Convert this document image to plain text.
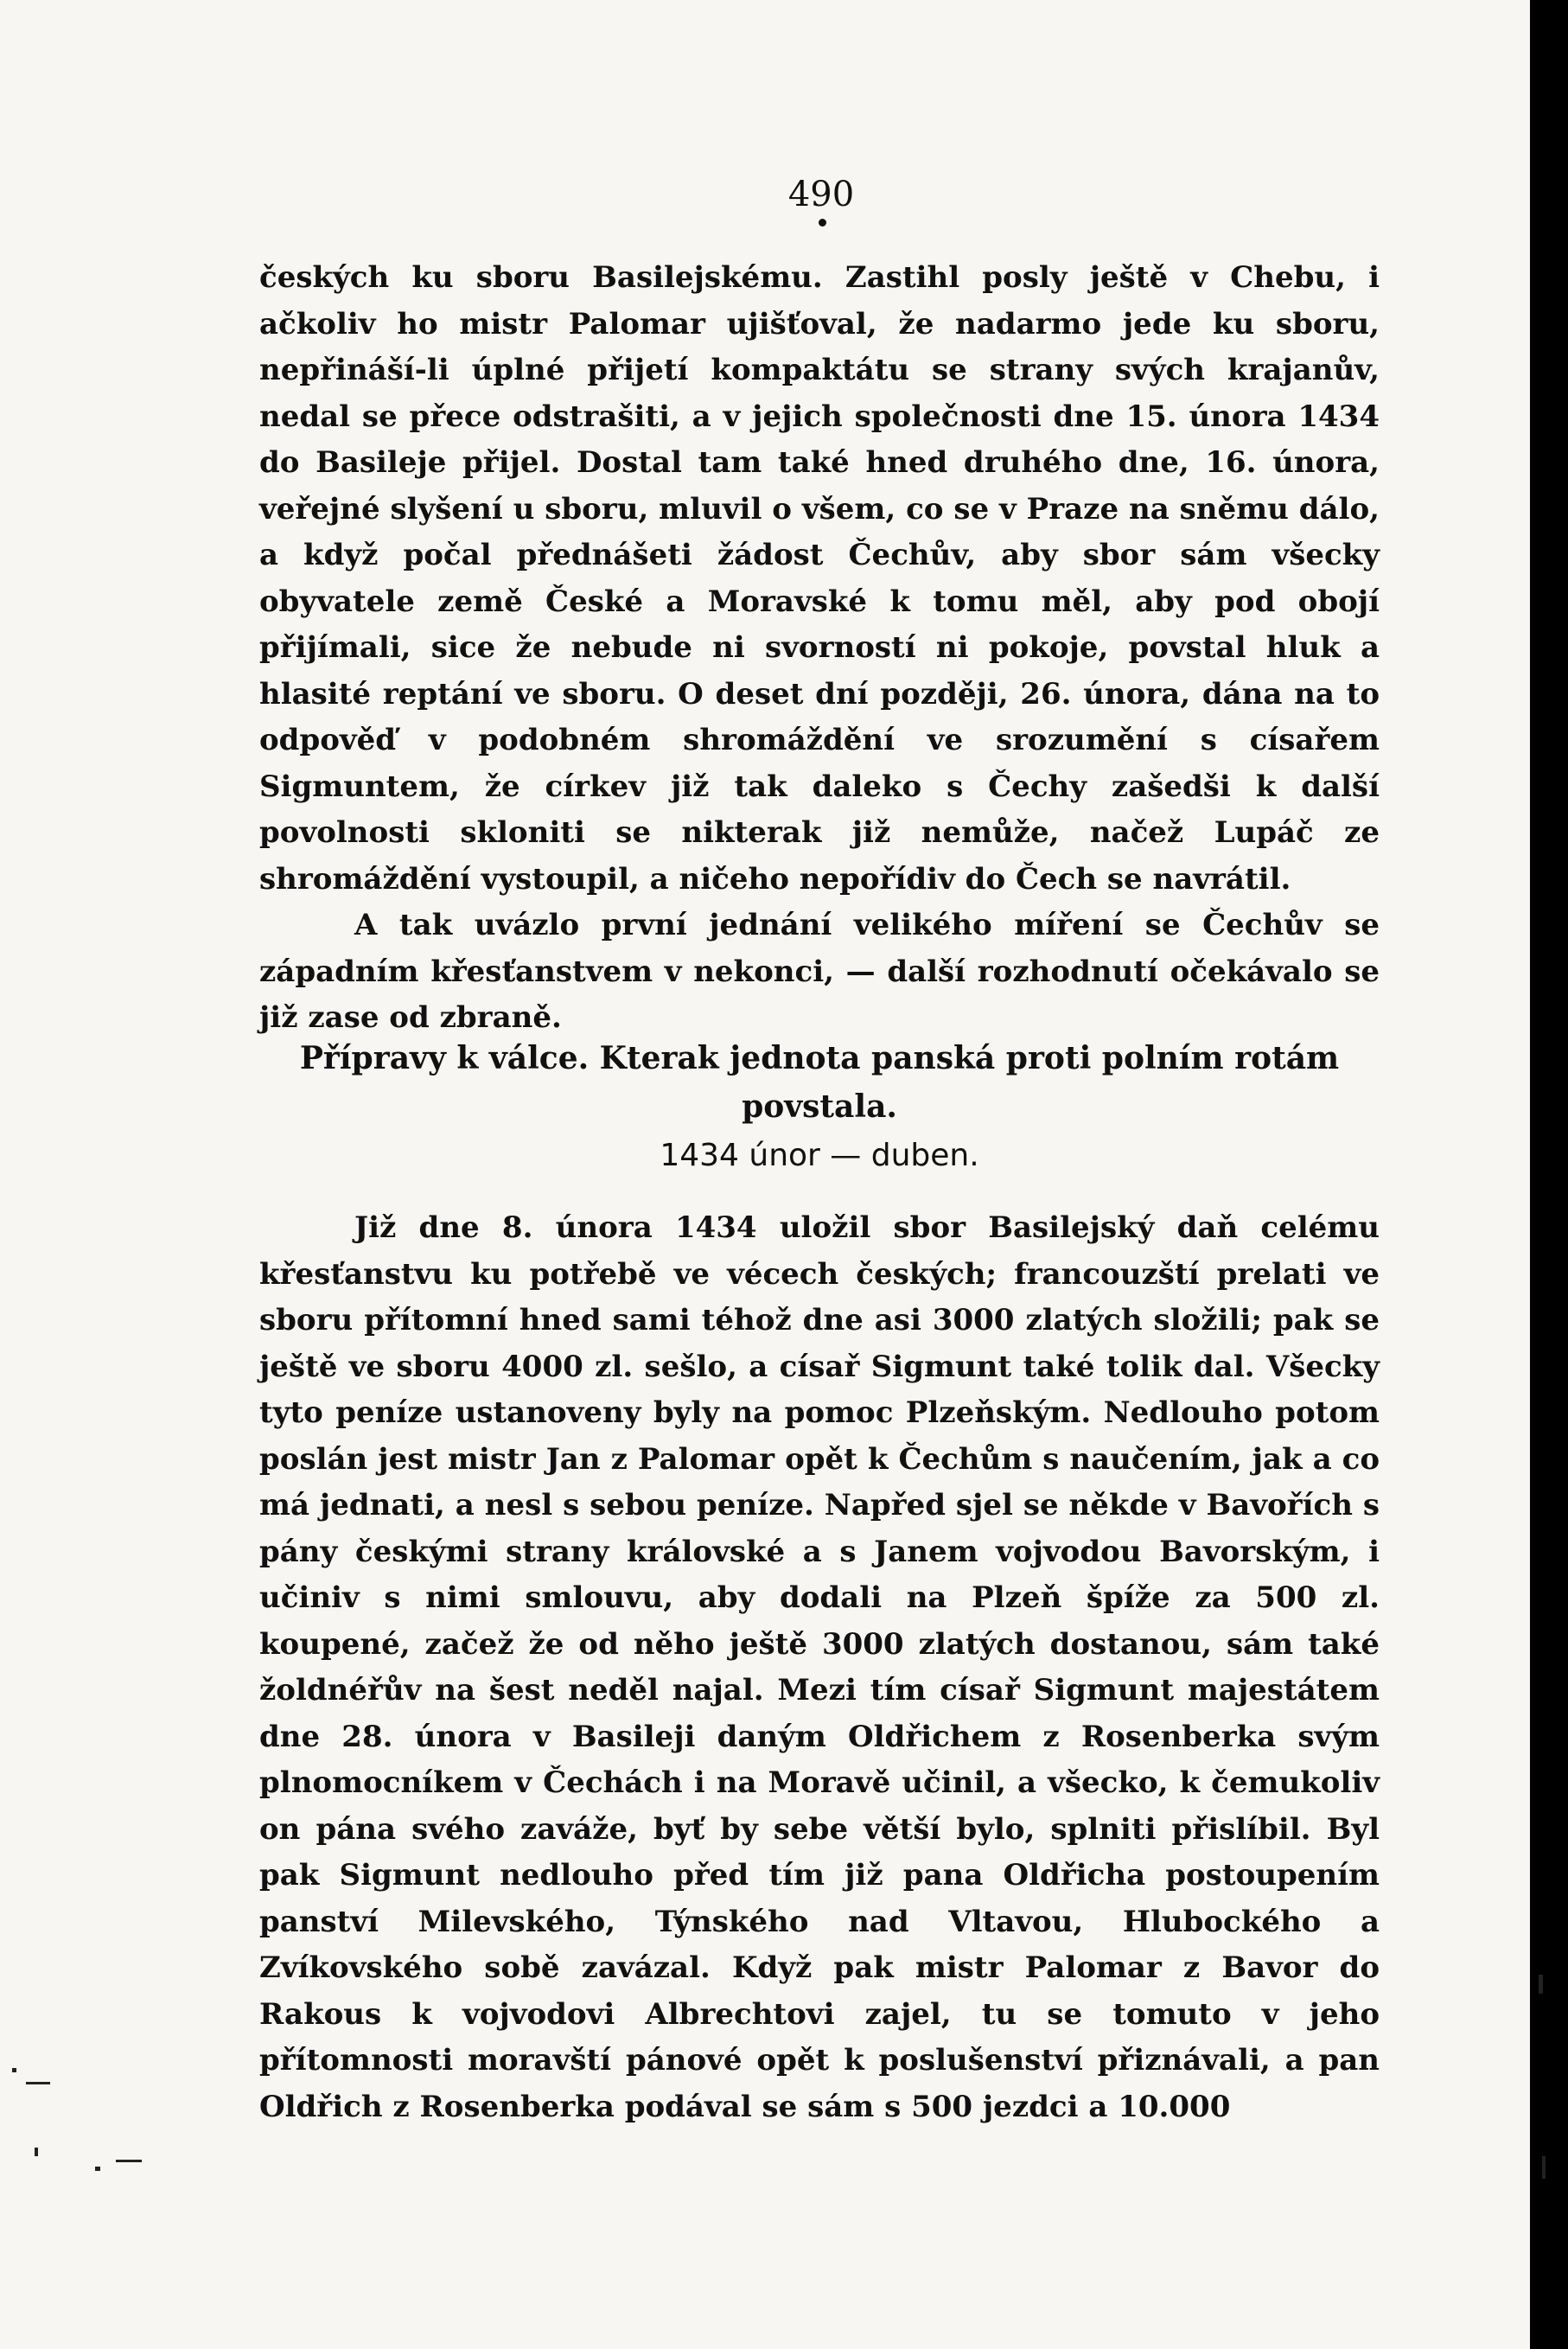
490

českých ku sboru Basilejskému. Zastihl posly ještě v Chebu, i ačkoliv ho mistr Palomar ujišťoval, že nadarmo jede ku sboru, nepřináší-li úplné přijetí kompaktátu se strany svých krajanův, nedal se přece odstrašiti, a v jejich společnosti dne 15. února 1434 do Basileje přijel. Dostal tam také hned druhého dne, 16. února, veřejné slyšení u sboru, mluvil o všem, co se v Praze na sněmu dálo, a když počal přednášeti žádost Čechův, aby sbor sám všecky obyvatele země České a Moravské k tomu měl, aby pod obojí přijímali, sice že nebude ni svorností ni pokoje, povstal hluk a hlasité reptání ve sboru. O deset dní později, 26. února, dána na to odpověď v podobném shromáždění ve srozumění s císařem Sigmuntem, že církev již tak daleko s Čechy zašedši k další povolnosti skloniti se nikterak již nemůže, načež Lupáč ze shromáždění vystoupil, a ničeho nepořídiv do Čech se navrátil.

A tak uvázlo první jednání velikého míření se Čechův se západním křesťanstvem v nekonci, — další rozhodnutí očekávalo se již zase od zbraně.

Přípravy k válce. Kterak jednota panská proti polním rotám
povstala.
1434 únor — duben.

Již dne 8. února 1434 uložil sbor Basilejský daň celému křesťanstvu ku potřebě ve vécech českých; francouzští prelati ve sboru přítomní hned sami téhož dne asi 3000 zlatých složili; pak se ještě ve sboru 4000 zl. sešlo, a císař Sigmunt také tolik dal. Všecky tyto peníze ustanoveny byly na pomoc Plzeňským. Nedlouho potom poslán jest mistr Jan z Palomar opět k Čechům s naučením, jak a co má jednati, a nesl s sebou peníze. Napřed sjel se někde v Bavořích s pány českými strany královské a s Janem vojvodou Bavorským, i učiniv s nimi smlouvu, aby dodali na Plzeň špíže za 500 zl. koupené, začež že od něho ještě 3000 zlatých dostanou, sám také žoldnéřův na šest neděl najal. Mezi tím císař Sigmunt majestátem dne 28. února v Basileji daným Oldřichem z Rosenberka svým plnomocníkem v Čechách i na Moravě učinil, a všecko, k čemukoliv on pána svého zaváže, byť by sebe větší bylo, splniti přislíbil. Byl pak Sigmunt nedlouho před tím již pana Oldřicha postoupením panství Milevského, Týnského nad Vltavou, Hlubockého a Zvíkovského sobě zavázal. Když pak mistr Palomar z Bavor do Rakous k vojvodovi Albrechtovi zajel, tu se tomuto v jeho přítomnosti moravští pánové opět k poslušenství přiznávali, a pan Oldřich z Rosenberka podával se sám s 500 jezdci a 10.000
